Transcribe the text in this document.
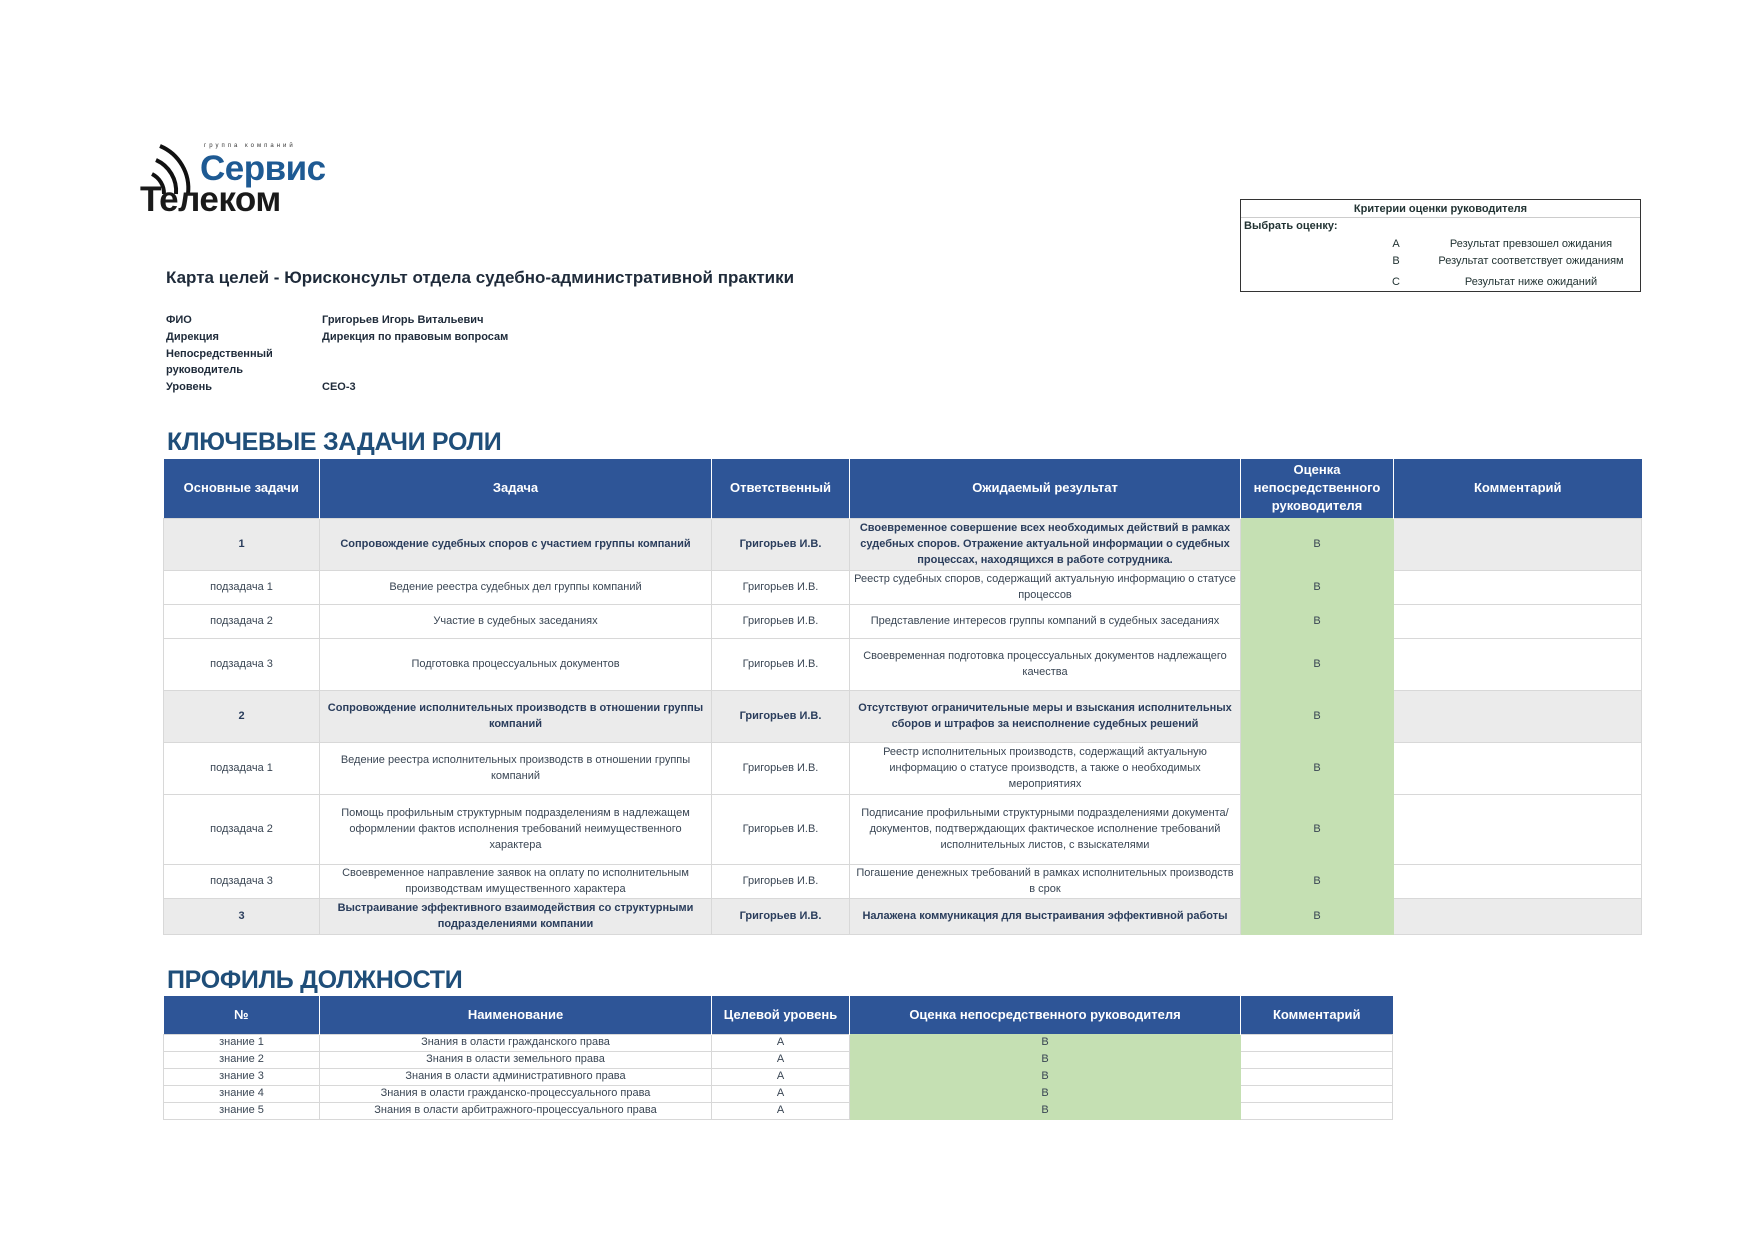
группа компаний
Сервис
Телеком	Критерии оценки руководителя
Выбрать оценку:
A	Результат превзошел ожидания
B	Результат соответствует ожиданиям
C	Результат ниже ожиданий
Карта целей - Юрисконсульт отдела судебно-административной практики
ФИО	Григорьев Игорь Витальевич
Дирекция	Дирекция по правовым вопросам
Непосредственный
руководитель
Уровень	CEO-3
КЛЮЧЕВЫЕ ЗАДАЧИ РОЛИ
Основные задачи	Задача	Ответственный	Ожидаемый результат	Оценка непосредственного руководителя	Комментарий
1	Сопровождение судебных споров с участием группы компаний	Григорьев И.В.	Своевременное совершение всех необходимых действий в рамках судебных споров. Отражение актуальной информации о судебных процессах, находящихся в работе сотрудника.	B	
подзадача 1	Ведение реестра судебных дел группы компаний	Григорьев И.В.	Реестр судебных споров, содержащий актуальную информацию о статусе процессов	B	
подзадача 2	Участие в судебных заседаниях	Григорьев И.В.	Представление интересов группы компаний в судебных заседаниях	B	
подзадача 3	Подготовка процессуальных документов	Григорьев И.В.	Своевременная подготовка процессуальных документов надлежащего качества	B	
2	Сопровождение исполнительных производств в отношении группы компаний	Григорьев И.В.	Отсутствуют ограничительные меры и взыскания исполнительных сборов и штрафов за неисполнение судебных решений	B	
подзадача 1	Ведение реестра исполнительных производств в отношении группы компаний	Григорьев И.В.	Реестр исполнительных производств, содержащий актуальную информацию о статусе производств, а также о необходимых мероприятиях	B	
подзадача 2	Помощь профильным структурным подразделениям в надлежащем оформлении фактов исполнения требований неимущественного характера	Григорьев И.В.	Подписание профильными структурными подразделениями документа/документов, подтверждающих фактическое исполнение требований исполнительных листов, с взыскателями	B	
подзадача 3	Своевременное направление заявок на оплату по исполнительным производствам имущественного характера	Григорьев И.В.	Погашение денежных требований в рамках исполнительных производств в срок	B	
3	Выстраивание эффективного взаимодействия со структурными подразделениями компании	Григорьев И.В.	Налажена коммуникация для выстраивания эффективной работы	B	
ПРОФИЛЬ ДОЛЖНОСТИ
№	Наименование	Целевой уровень	Оценка непосредственного руководителя	Комментарий
знание 1	Знания в оласти гражданского права	A	B	
знание 2	Знания в оласти земельного права	A	B	
знание 3	Знания в оласти административного права	A	B	
знание 4	Знания в оласти гражданско-процессуального права	A	B	
знание 5	Знания в оласти арбитражного-процессуального права	A	B	
